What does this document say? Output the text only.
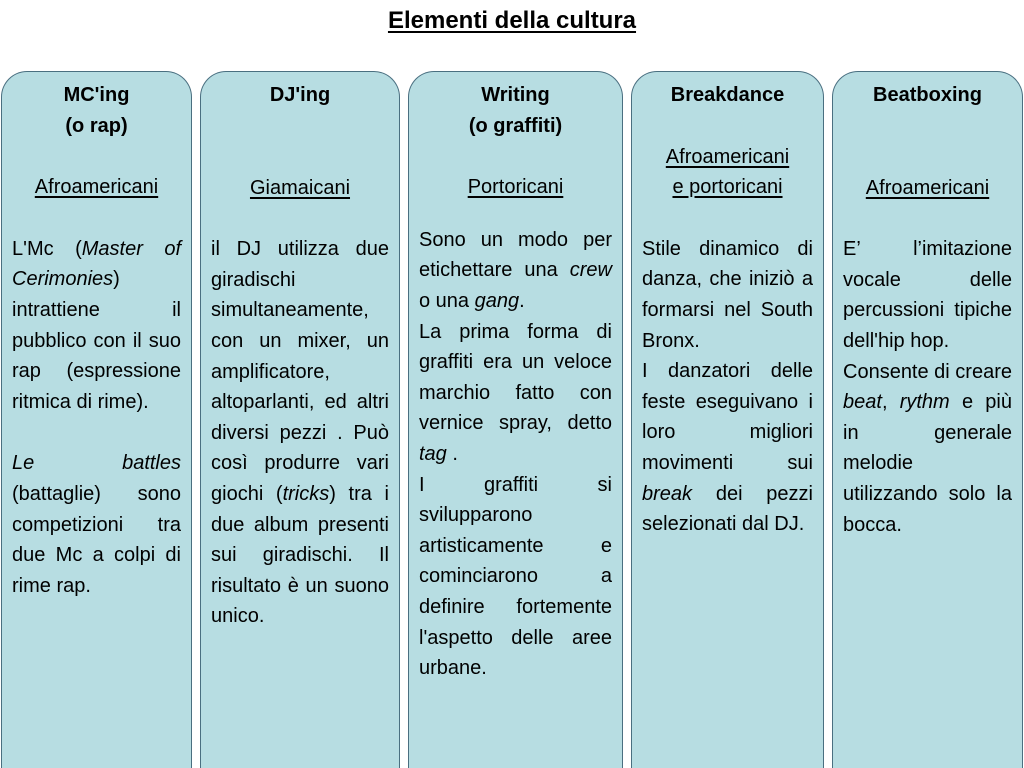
Elementi della cultura

MC'ing

(o rap)

Afroamericani

L'Mc (Master of Cerimonies) intrattiene il pubblico con il suo rap (espressione ritmica di rime).

Le battles (battaglie) sono competizioni tra due Mc a colpi di rime rap.

DJ'ing

Giamaicani

il DJ utilizza due giradischi simultaneamente, con un mixer, un amplificatore, altoparlanti, ed altri diversi pezzi . Può così produrre vari giochi (tricks) tra i due album presenti sui giradischi. Il risultato è un suono unico.

Writing

(o graffiti)

Portoricani

Sono un modo per etichettare una crew o una gang.

La prima forma di graffiti era un veloce marchio fatto con vernice spray, detto tag .

I graffiti si svilupparono artisticamente e cominciarono a definire fortemente l'aspetto delle aree urbane.

Breakdance

Afroamericani

e portoricani

Stile dinamico di danza, che iniziò a formarsi nel South Bronx.

I danzatori delle feste eseguivano i loro migliori movimenti sui break dei pezzi selezionati dal DJ.

Beatboxing

Afroamericani

E’ l’imitazione vocale delle percussioni tipiche dell'hip hop.

Consente di creare beat, rythm e più in generale melodie utilizzando solo la bocca.
